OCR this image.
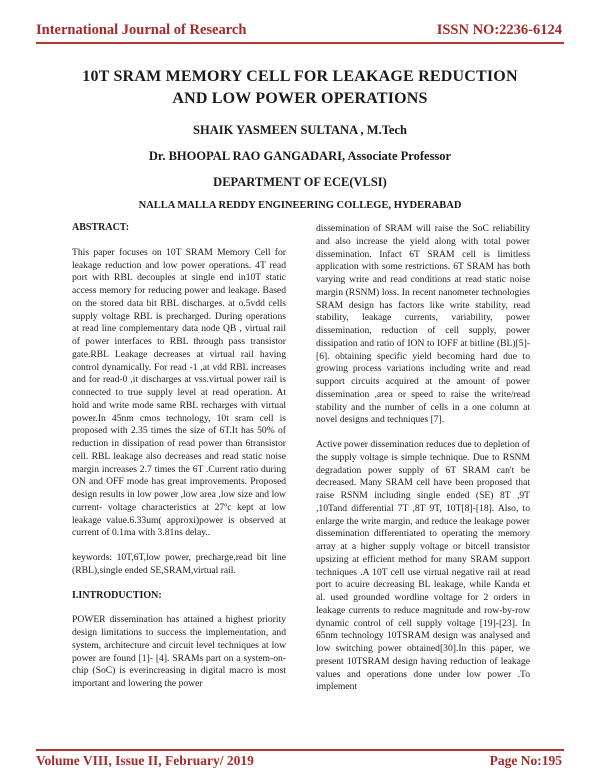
International Journal of Research	ISSN NO:2236-6124
10T SRAM MEMORY CELL FOR LEAKAGE REDUCTION
AND LOW POWER OPERATIONS
SHAIK YASMEEN SULTANA , M.Tech
Dr. BHOOPAL RAO GANGADARI, Associate Professor
DEPARTMENT OF ECE(VLSI)
NALLA MALLA REDDY ENGINEERING COLLEGE, HYDERABAD
ABSTRACT:

This paper focuses on 10T SRAM Memory Cell for leakage reduction and low power operations. 4T read port with RBL decouples at single end in10T static access memory for reducing power and leakage. Based on the stored data bit RBL discharges. at o.5vdd cells supply voltage RBL is precharged. During operations at read line complementary data node QB , virtual rail of power interfaces to RBL through pass transistor gate.RBL Leakage decreases at virtual rail having control dynamically. For read -1 ,at vdd RBL increases and for read-0 ,it discharges at vss.virtual power rail is connected to true supply level at read operation. At hold and write mode same RBL recharges with virtual power.In 45nm cmos technology, 10t sram cell is proposed with 2.35 times the size of 6T.It has 50% of reduction in dissipation of read power than 6transistor cell. RBL leakage also decreases and read static noise margin increases 2.7 times the 6T .Current ratio during ON and OFF mode has great improvements. Proposed design results in low power ,low area ,low size and low current- voltage characteristics at 27ºc kept at low leakage value.6.33um( approxi)power is observed at current of 0.1ma with 3.81ns delay..

keywords: 10T,6T,low power, precharge,read bit line (RBL),single ended SE,SRAM,virtual rail.

I.INTRODUCTION:

POWER dissemination has attained a highest priority design limitations to success the implementation, and system, architecture and circuit level techniques at low power are found [1]- [4]. SRAMs part on a system-on-chip (SoC) is everincreasing in digital macro is most important and lowering the power

dissemination of SRAM will raise the SoC reliability and also increase the yield along with total power dissemination. Infact 6T SRAM cell is limitless application with some restrictions. 6T SRAM has both varying write and read conditions at read static noise margin (RSNM) loss. In recent nanometer technologies SRAM design has factors like write stability, read stability, leakage currents, variability, power dissemination, reduction of cell supply, power dissipation and ratio of ION to IOFF at bitline (BL)[5]-[6]. obtaining specific yield becoming hard due to growing process variations including write and read support circuits acquired at the amount of power dissemination ,area or speed to raise the write/read stability and the number of cells in a one column at novel designs and techniques [7].

Active power dissemination reduces due to depletion of the supply voltage is simple technique. Due to RSNM degradation power supply of 6T SRAM can't be decreased. Many SRAM cell have been proposed that raise RSNM including single ended (SE) 8T ,9T ,10Tand differential 7T ,8T 9T, 10T[8]-[18]. Also, to enlarge the write margin, and reduce the leakage power dissemination differentiated to operating the memory array at a higher supply voltage or bitcell transistor upsizing at efficient method for many SRAM support techniques .A 10T cell use virtual negative rail at read port to acuire decreasing BL leakage, while Kanda et al. used grounded wordline voltage for 2 orders in leakage currents to reduce magnitude and row-by-row dynamic control of cell supply voltage [19]-[23]. In 65nm technology 10TSRAM design was analysed and low switching power obtained[30].In this paper, we present 10TSRAM design having reduction of leakage values and operations done under low power .To implement

Volume VIII, Issue II, February/ 2019	Page No:195
